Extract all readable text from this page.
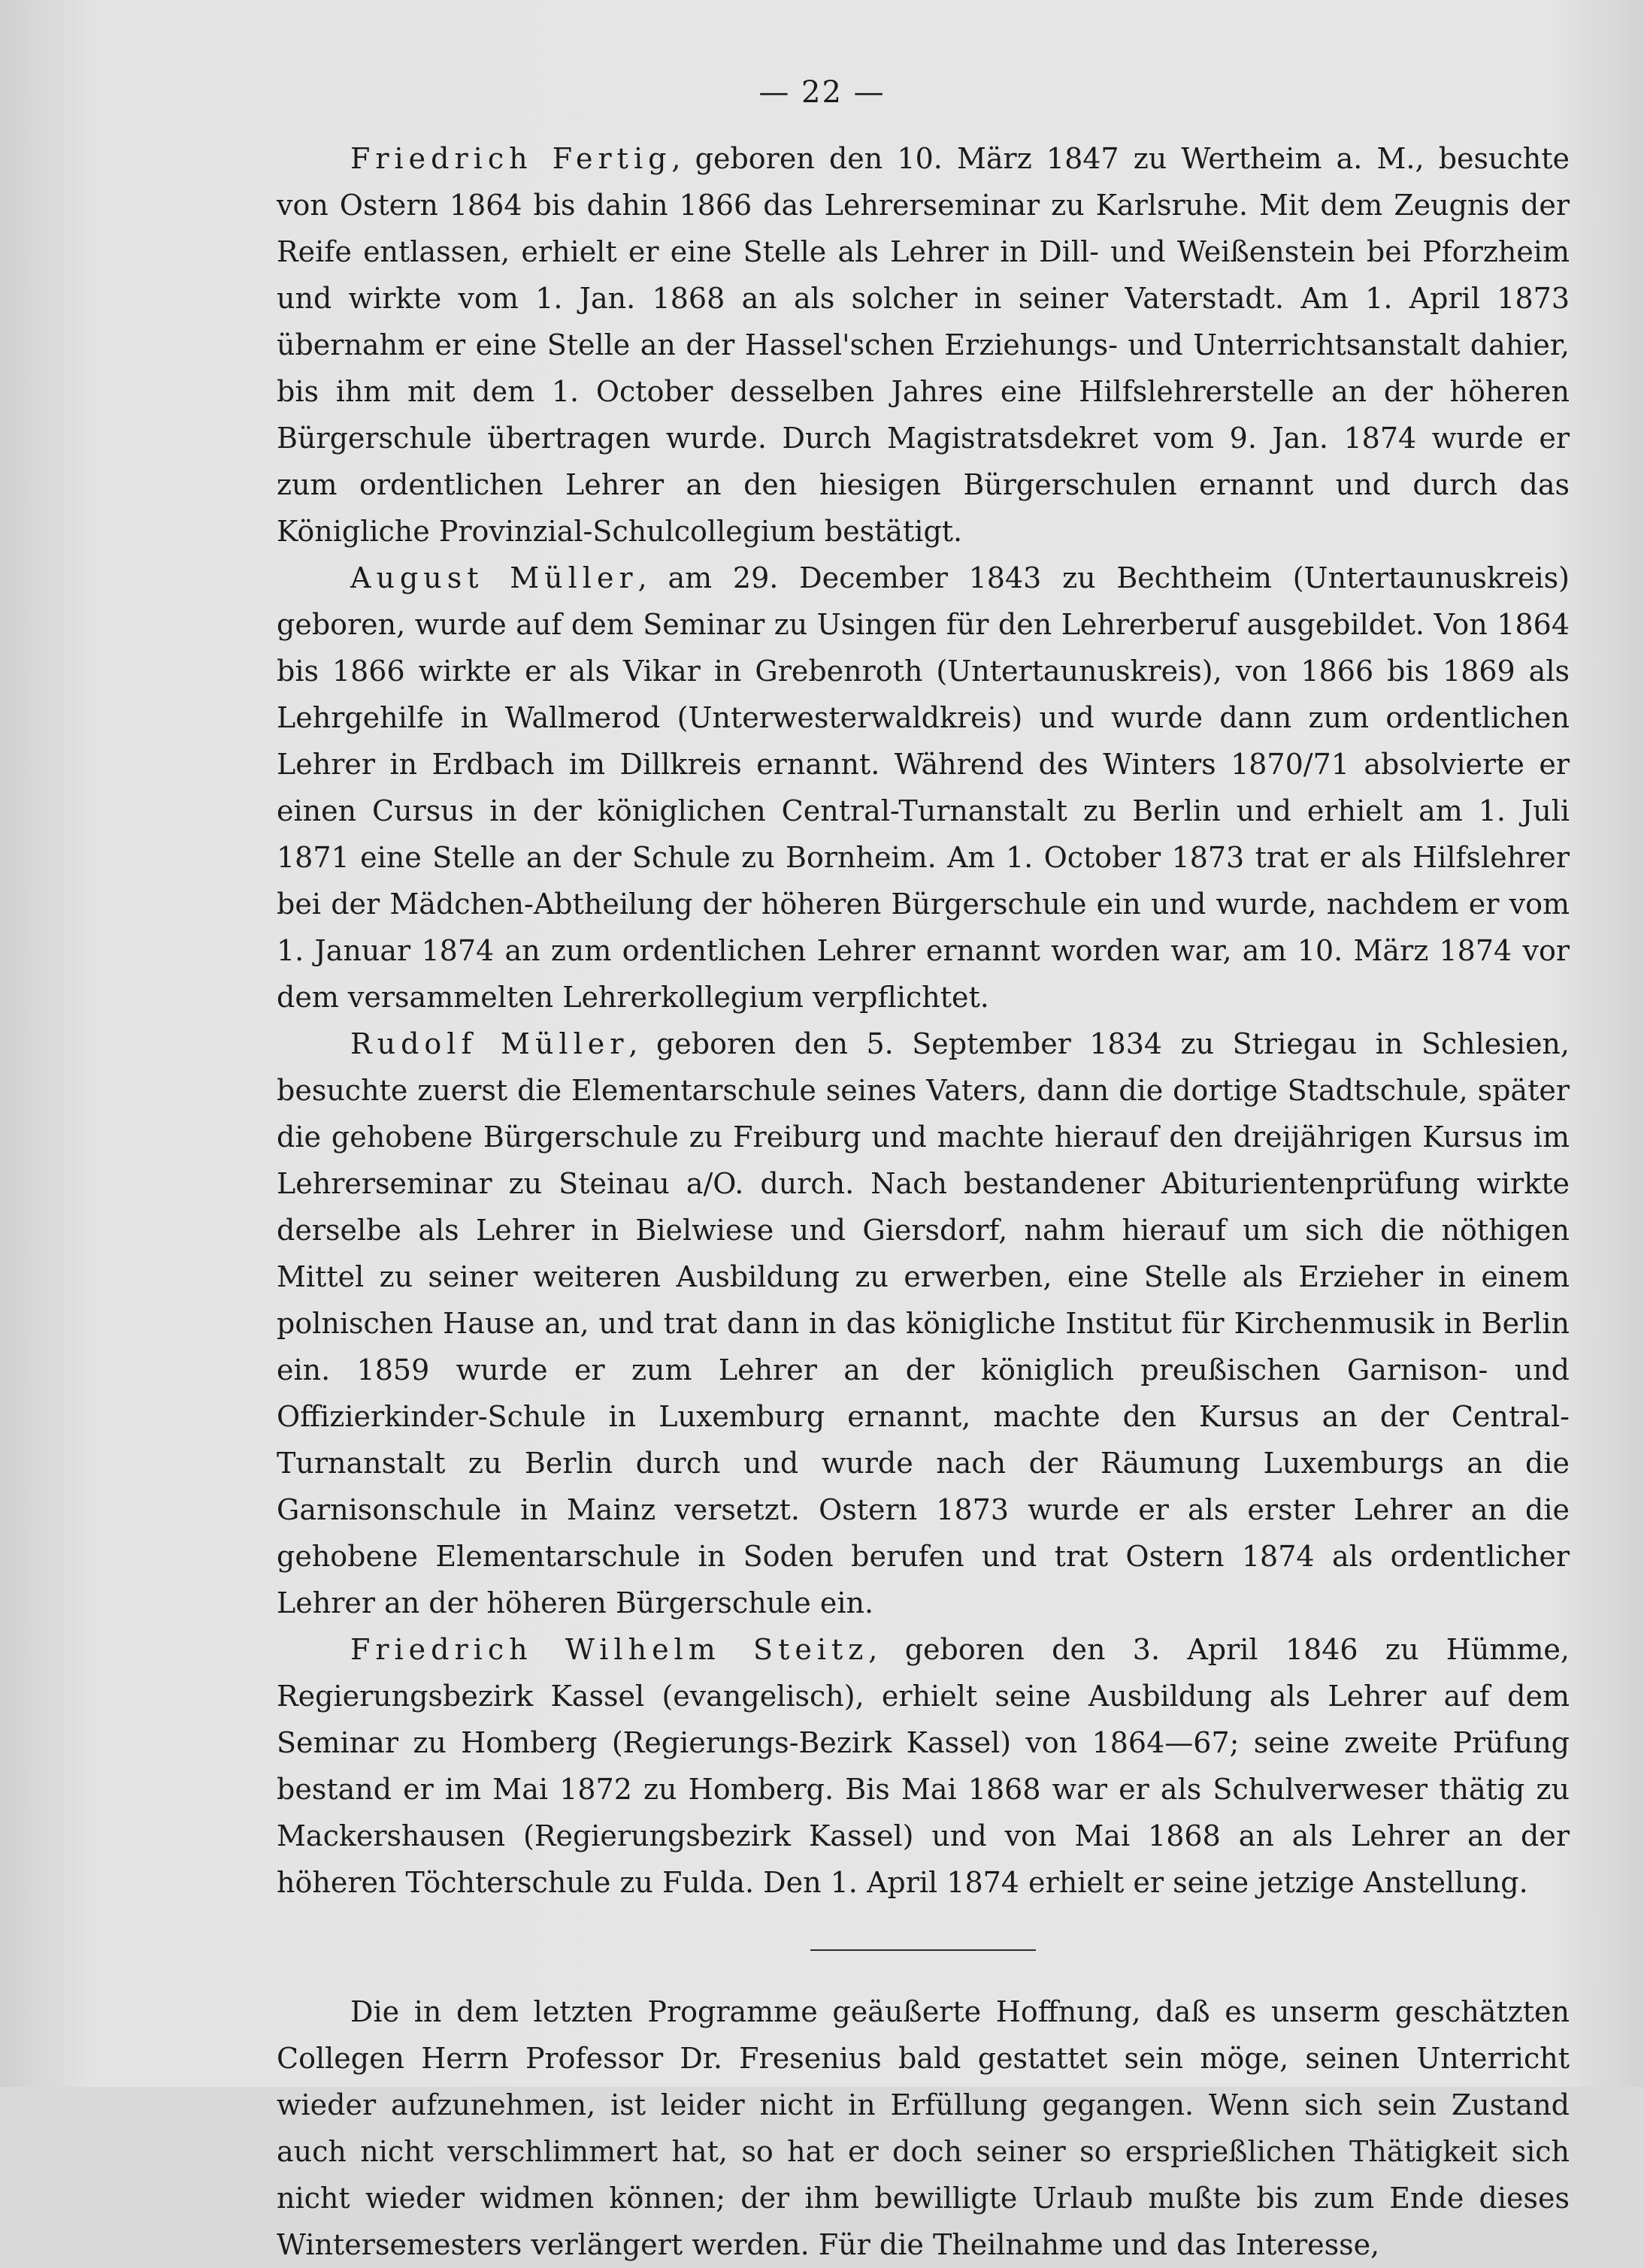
— 22 —

Friedrich Fertig, geboren den 10. März 1847 zu Wertheim a. M., besuchte von Ostern 1864 bis dahin 1866 das Lehrerseminar zu Karlsruhe. Mit dem Zeugnis der Reife entlassen, erhielt er eine Stelle als Lehrer in Dill- und Weißenstein bei Pforzheim und wirkte vom 1. Jan. 1868 an als solcher in seiner Vaterstadt. Am 1. April 1873 übernahm er eine Stelle an der Hassel'schen Erziehungs- und Unterrichtsanstalt dahier, bis ihm mit dem 1. October desselben Jahres eine Hilfslehrerstelle an der höheren Bürgerschule übertragen wurde. Durch Magistratsdekret vom 9. Jan. 1874 wurde er zum ordentlichen Lehrer an den hiesigen Bürgerschulen ernannt und durch das Königliche Provinzial-Schulcollegium bestätigt.

August Müller, am 29. December 1843 zu Bechtheim (Untertaunuskreis) geboren, wurde auf dem Seminar zu Usingen für den Lehrerberuf ausgebildet. Von 1864 bis 1866 wirkte er als Vikar in Grebenroth (Untertaunuskreis), von 1866 bis 1869 als Lehrgehilfe in Wallmerod (Unterwesterwaldkreis) und wurde dann zum ordentlichen Lehrer in Erdbach im Dillkreis ernannt. Während des Winters 1870/71 absolvierte er einen Cursus in der königlichen Central-Turnanstalt zu Berlin und erhielt am 1. Juli 1871 eine Stelle an der Schule zu Bornheim. Am 1. October 1873 trat er als Hilfslehrer bei der Mädchen-Abtheilung der höheren Bürgerschule ein und wurde, nachdem er vom 1. Januar 1874 an zum ordentlichen Lehrer ernannt worden war, am 10. März 1874 vor dem versammelten Lehrerkollegium verpflichtet.

Rudolf Müller, geboren den 5. September 1834 zu Striegau in Schlesien, besuchte zuerst die Elementarschule seines Vaters, dann die dortige Stadtschule, später die gehobene Bürgerschule zu Freiburg und machte hierauf den dreijährigen Kursus im Lehrerseminar zu Steinau a/O. durch. Nach bestandener Abiturientenprüfung wirkte derselbe als Lehrer in Bielwiese und Giersdorf, nahm hierauf um sich die nöthigen Mittel zu seiner weiteren Ausbildung zu erwerben, eine Stelle als Erzieher in einem polnischen Hause an, und trat dann in das königliche Institut für Kirchenmusik in Berlin ein. 1859 wurde er zum Lehrer an der königlich preußischen Garnison- und Offizierkinder-Schule in Luxemburg ernannt, machte den Kursus an der Central-Turnanstalt zu Berlin durch und wurde nach der Räumung Luxemburgs an die Garnisonschule in Mainz versetzt. Ostern 1873 wurde er als erster Lehrer an die gehobene Elementarschule in Soden berufen und trat Ostern 1874 als ordentlicher Lehrer an der höheren Bürgerschule ein.

Friedrich Wilhelm Steitz, geboren den 3. April 1846 zu Hümme, Regierungsbezirk Kassel (evangelisch), erhielt seine Ausbildung als Lehrer auf dem Seminar zu Homberg (Regierungs-Bezirk Kassel) von 1864—67; seine zweite Prüfung bestand er im Mai 1872 zu Homberg. Bis Mai 1868 war er als Schulverweser thätig zu Mackershausen (Regierungsbezirk Kassel) und von Mai 1868 an als Lehrer an der höheren Töchterschule zu Fulda. Den 1. April 1874 erhielt er seine jetzige Anstellung.

Die in dem letzten Programme geäußerte Hoffnung, daß es unserm geschätzten Collegen Herrn Professor Dr. Fresenius bald gestattet sein möge, seinen Unterricht wieder aufzunehmen, ist leider nicht in Erfüllung gegangen. Wenn sich sein Zustand auch nicht verschlimmert hat, so hat er doch seiner so ersprießlichen Thätigkeit sich nicht wieder widmen können; der ihm bewilligte Urlaub mußte bis zum Ende dieses Wintersemesters verlängert werden. Für die Theilnahme und das Interesse,
